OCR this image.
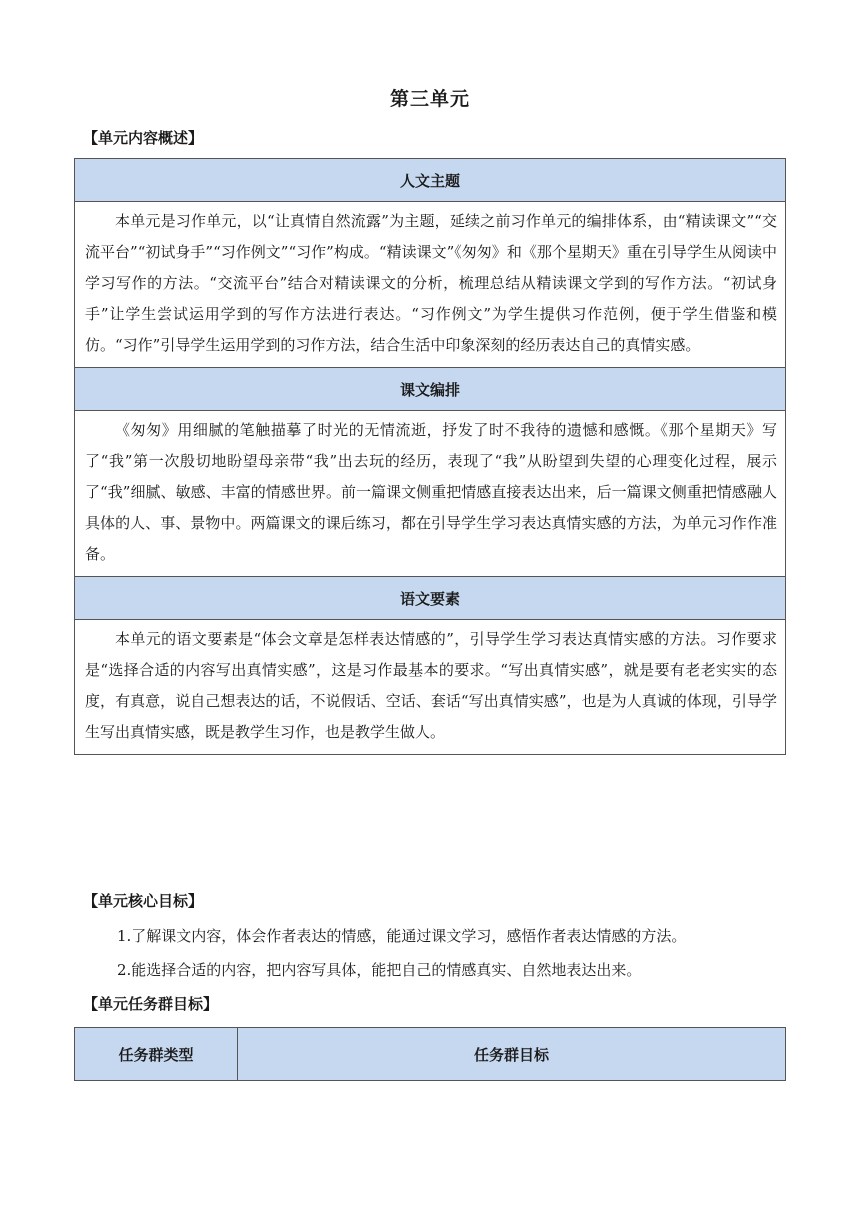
第三单元
【单元内容概述】
人文主题

本单元是习作单元，以“让真情自然流露”为主题，延续之前习作单元的编排体系，由“精读课文”“交流平台”“初试身手”“习作例文”“习作”构成。“精读课文”《匆匆》和《那个星期天》重在引导学生从阅读中学习写作的方法。“交流平台”结合对精读课文的分析，梳理总结从精读课文学到的写作方法。“初试身手”让学生尝试运用学到的写作方法进行表达。“习作例文”为学生提供习作范例，便于学生借鉴和模仿。“习作”引导学生运用学到的习作方法，结合生活中印象深刻的经历表达自己的真情实感。

课文编排

《匆匆》用细腻的笔触描摹了时光的无情流逝，抒发了时不我待的遗憾和感慨。《那个星期天》写了“我”第一次殷切地盼望母亲带“我”出去玩的经历，表现了“我”从盼望到失望的心理变化过程，展示了“我”细腻、敏感、丰富的情感世界。前一篇课文侧重把情感直接表达出来，后一篇课文侧重把情感融人具体的人、事、景物中。两篇课文的课后练习，都在引导学生学习表达真情实感的方法，为单元习作作准备。

语文要素

本单元的语文要素是“体会文章是怎样表达情感的”，引导学生学习表达真情实感的方法。习作要求是“选择合适的内容写出真情实感”，这是习作最基本的要求。“写出真情实感”，就是要有老老实实的态度，有真意，说自己想表达的话，不说假话、空话、套话“写出真情实感”，也是为人真诚的体现，引导学生写出真情实感，既是教学生习作，也是教学生做人。

【单元核心目标】
1.了解课文内容，体会作者表达的情感，能通过课文学习，感悟作者表达情感的方法。
2.能选择合适的内容，把内容写具体，能把自己的情感真实、自然地表达出来。
【单元任务群目标】
任务群类型	任务群目标
